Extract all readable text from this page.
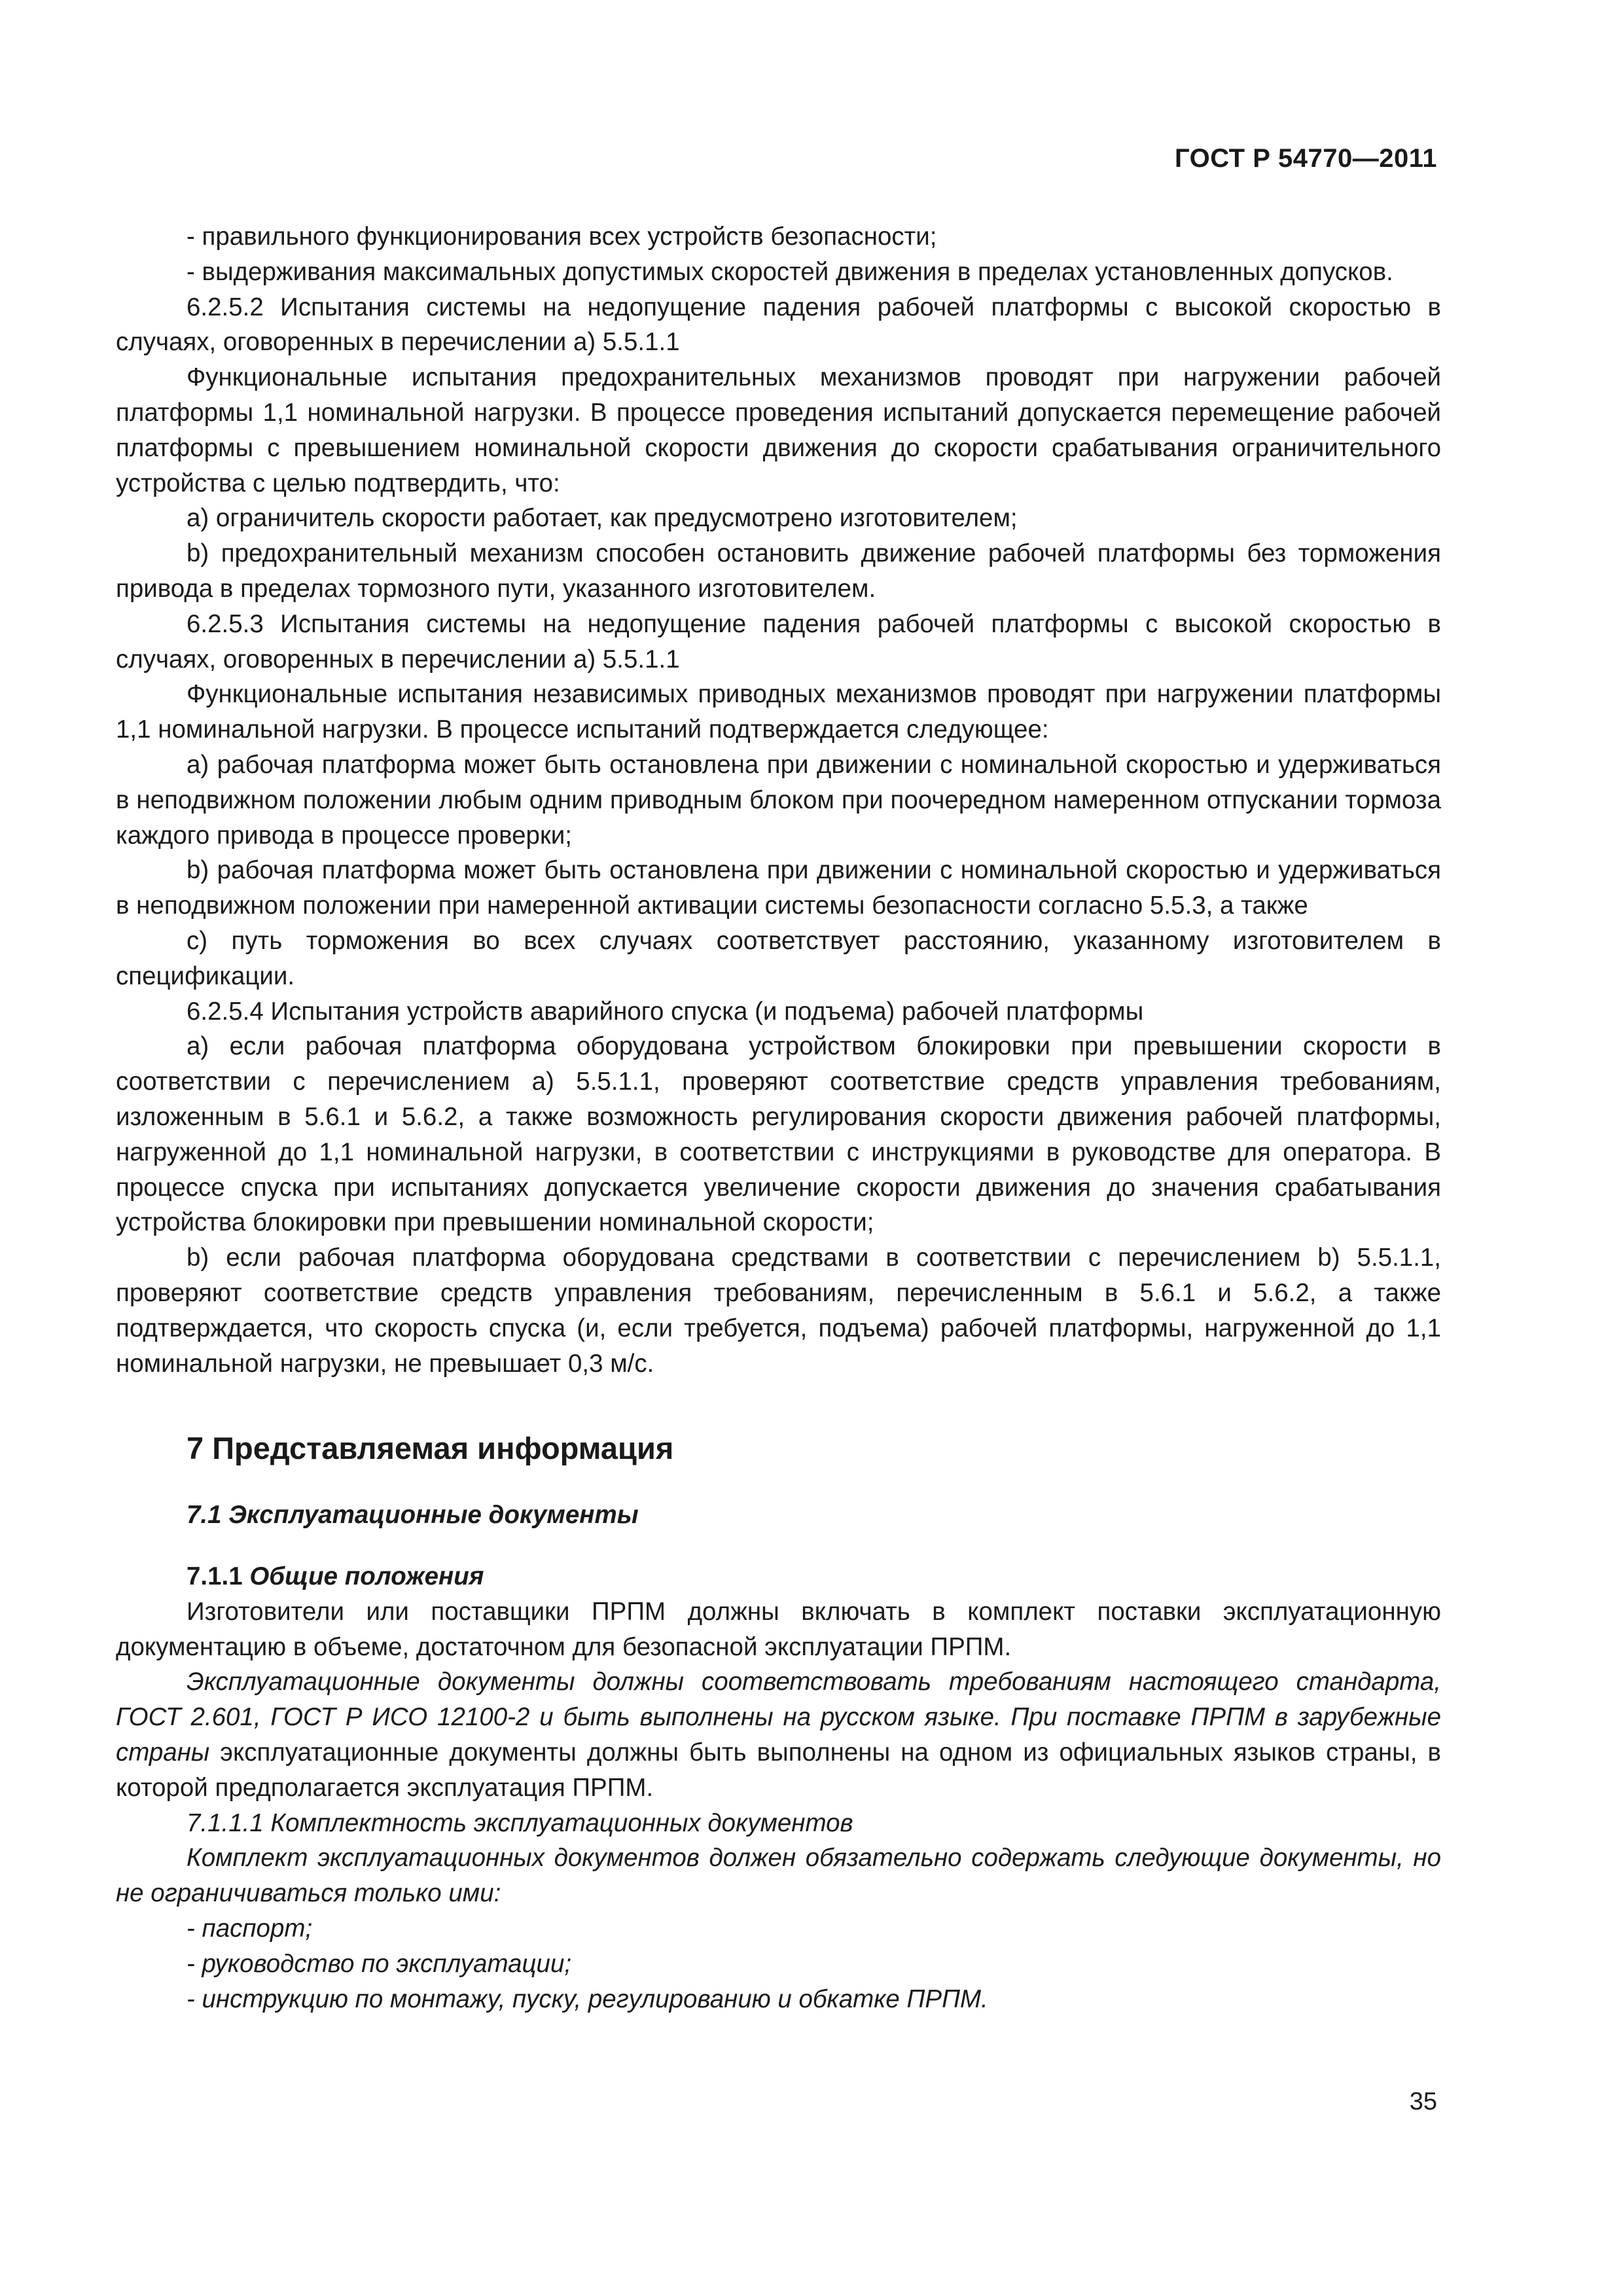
ГОСТ Р 54770—2011

- правильного функционирования всех устройств безопасности;

- выдерживания максимальных допустимых скоростей движения в пределах установленных допусков.

6.2.5.2 Испытания системы на недопущение падения рабочей платформы с высокой скоростью в случаях, оговоренных в перечислении а) 5.5.1.1

Функциональные испытания предохранительных механизмов проводят при нагружении рабочей платформы 1,1 номинальной нагрузки. В процессе проведения испытаний допускается перемещение рабочей платформы с превышением номинальной скорости движения до скорости срабатывания ограничительного устройства с целью подтвердить, что:

a) ограничитель скорости работает, как предусмотрено изготовителем;

b) предохранительный механизм способен остановить движение рабочей платформы без торможения привода в пределах тормозного пути, указанного изготовителем.

6.2.5.3 Испытания системы на недопущение падения рабочей платформы с высокой скоростью в случаях, оговоренных в перечислении а) 5.5.1.1

Функциональные испытания независимых приводных механизмов проводят при нагружении платформы 1,1 номинальной нагрузки. В процессе испытаний подтверждается следующее:

a) рабочая платформа может быть остановлена при движении с номинальной скоростью и удерживаться в неподвижном положении любым одним приводным блоком при поочередном намеренном отпускании тормоза каждого привода в процессе проверки;

b) рабочая платформа может быть остановлена при движении с номинальной скоростью и удерживаться в неподвижном положении при намеренной активации системы безопасности согласно 5.5.3, а также

c) путь торможения во всех случаях соответствует расстоянию, указанному изготовителем в спецификации.

6.2.5.4 Испытания устройств аварийного спуска (и подъема) рабочей платформы

a) если рабочая платформа оборудована устройством блокировки при превышении скорости в соответствии с перечислением а) 5.5.1.1, проверяют соответствие средств управления требованиям, изложенным в 5.6.1 и 5.6.2, а также возможность регулирования скорости движения рабочей платформы, нагруженной до 1,1 номинальной нагрузки, в соответствии с инструкциями в руководстве для оператора. В процессе спуска при испытаниях допускается увеличение скорости движения до значения срабатывания устройства блокировки при превышении номинальной скорости;

b) если рабочая платформа оборудована средствами в соответствии с перечислением b) 5.5.1.1, проверяют соответствие средств управления требованиям, перечисленным в 5.6.1 и 5.6.2, а также подтверждается, что скорость спуска (и, если требуется, подъема) рабочей платформы, нагруженной до 1,1 номинальной нагрузки, не превышает 0,3 м/с.

7 Представляемая информация
7.1 Эксплуатационные документы
7.1.1 Общие положения

Изготовители или поставщики ПРПМ должны включать в комплект поставки эксплуатационную документацию в объеме, достаточном для безопасной эксплуатации ПРПМ.

Эксплуатационные документы должны соответствовать требованиям настоящего стандарта, ГОСТ 2.601, ГОСТ Р ИСО 12100-2 и быть выполнены на русском языке. При поставке ПРПМ в зарубежные страны эксплуатационные документы должны быть выполнены на одном из официальных языков страны, в которой предполагается эксплуатация ПРПМ.

7.1.1.1 Комплектность эксплуатационных документов

Комплект эксплуатационных документов должен обязательно содержать следующие документы, но не ограничиваться только ими:

- паспорт;

- руководство по эксплуатации;

- инструкцию по монтажу, пуску, регулированию и обкатке ПРПМ.

35
